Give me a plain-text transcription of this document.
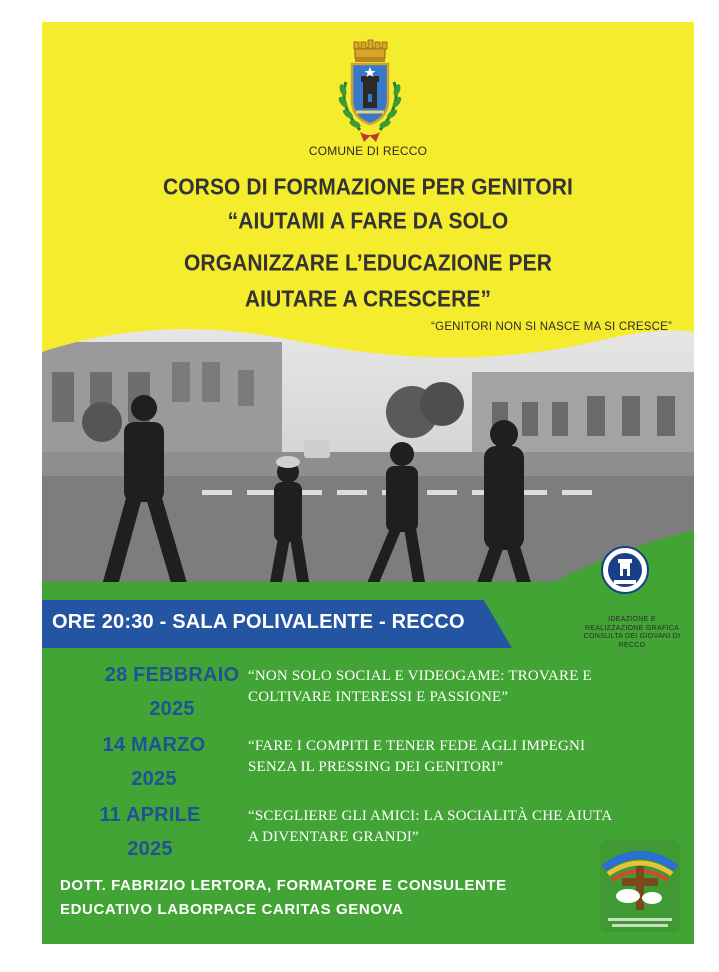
COMUNE DI RECCO
CORSO DI FORMAZIONE PER GENITORI
“AIUTAMI A FARE DA SOLO
ORGANIZZARE L’EDUCAZIONE PER
AIUTARE A CRESCERE”
“GENITORI NON SI NASCE MA SI CRESCE”
ORE 20:30 - SALA POLIVALENTE - RECCO	IDEAZIONE E
REALIZZAZIONE GRAFICA
CONSULTA DEI GIOVANI DI
RECCO
28 FEBBRAIO
2025
“NON SOLO SOCIAL E VIDEOGAME: TROVARE E
COLTIVARE INTERESSI E PASSIONE”
14 MARZO
2025
“FARE I COMPITI E TENER FEDE AGLI IMPEGNI
SENZA IL PRESSING DEI GENITORI”
11 APRILE
2025
“SCEGLIERE GLI AMICI: LA SOCIALITÀ CHE AIUTA
A DIVENTARE GRANDI”
DOTT. FABRIZIO LERTORA, FORMATORE E CONSULENTE
EDUCATIVO LABORPACE CARITAS GENOVA
